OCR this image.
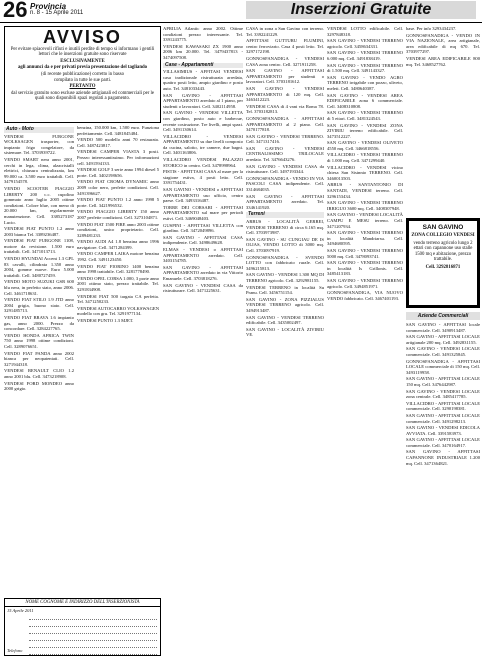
26 Provincia
n. 8 - 15 Aprile 2011	Inserzioni Gratuite
AVVISO

Per evitare spiacevoli rifiuti e inutili perdite di tempo si informano i gentili lettori che le inserzioni gratuite sono riservate

ESCLUSIVAMENTE

agli annunci da e per privati previa presentazione del tagliando

(di recente pubblicazione) corretto in basso

compilato in tutte le sue parti.

PERTANTO

dal servizio gratuito sono escluse aziende artigianali ed commerciali per le quali sono disponibili spazi regolati a pagamento.

Auto - Moto

VENDESI FURGONE WOLKSAGEN trasporter, con impianto frigo congelatore, da sistemare. Tel. 3703939722.

VENDO SMART nera anno 2001, cerchi in lega, clima, alzacristalli elettrici, chiusura centralizzata, km 99.000 ca. 3.500 euro trattabili. Cell. 3479154578.

VENDO SCOOTER PIAGGIO LIBERTY 200 c.c. cupolino gommato anno luglio 2005 ottime condizioni. Colore blue, con meno di 20.000 km, regolarmente manutenzione. Cell. 3385273187 Lucio.

VENDESI FIAT PUNTO 1.2 anno 2003 bianca Tel. 3389236487.

VENDESI FIAT FURGONE 1108, motore da revisione. 1.500 euro trattabili. Cell. 3471013713.

VENDO HYUNDAI Accent 1.3 GPL 83 cavalli, cilindrata 1.350 anno 2004, gomme nuove. Euro 5.000 trattabili. Cell. 3480727459.

VENDO MOTO SUZUKI GSR 600 blu nera, in perfetto stato, anno 2006. Cell. 3461718631.

VENDO FIAT STILO 1.9 JTD anno 2004 grigia, buono stato. Cell. 3291485713.

VENDO FIAT BRAVA 1.6 impianto gas, anno 2000. Prezzo da concordare. Cell. 3284227765.

VENDO HONDA AFRICA TWIN 750 anno 1998 ottime condizioni. Cell. 3289076651.

VENDO FIAT PANDA anno 2002 bianca per neopatentati. Cell. 3271944318.

VENDESI RENAULT CLIO 1.2 anno 2001 blu. Cell. 3473218908.

VENDESI FORD MONDEO anno 2000 grigio.

benzina, 150.000 km, 1.500 euro. Funziona perfettamente. Cell. 3481845484.

VENDO 500 modello anni 70 restaurata. Cell. 3487423817.

VENDESI CAMPER VIASTA 3 posti. Prezzo interessantissimo. Per informazioni cell. 3491594133.

VENDESI GOLF 3 serie anno 1994 diesel 5 porte. Cell. 3402198656.

VENDO FIAT CROMA DYNAMIC anno 2009 color nero, perfette condizioni. Cell. 3491396627.

VENDO FIAT PUNTO 1.2 anno 1998 5 porte. Cell. 3421996532.

VENDO PIAGGIO LIBERTY 150 anno 2007 perfette condizioni. Cell. 3273104871.

VENDO FIAT 1500 FIRE anno 2003 ottime condizioni, unico proprietario. Cell. 3289481233.

VENDO AUDI A4 1.8 benzina anno 1996 navigatore. Cell. 3471284399.

VENDO CAMPER LAIKA motore benzina 1992. Cell. 3491123450.

VENDO FIAT FIORINO 1400 benzina anno 1998 trattabile. Cell. 3281778490.

VENDO OPEL CORSA 1.000, 3 porte anno 2001 ottimo stato, prezzo trattabile. Tel. 3291834908.

VENDESI FIAT 500 targata CA perfetta. Tel. 3471250233.

VENDESI AUTOCARRO VOLKSWAGEN modello con gru. Tel. 3291977134.

VENDESI PUNTO 1.3 MJET.

APRILIA Atlantic anno 2002. Ottime condizioni prezzo interessante. Tel. 3391243775.

VENDESI KAWASAKI ZX 1900 anno 2006 km 20.000. Tel. 3479437813 - 3474097508.

Case - Appartamenti

VILLASIMIUS - AFFITASI VENDESI casa tradizionale ristrutturata arredata, quattro posti letto, ampio giardino e posto auto. Tel. 3481033443.

SAN GAVINO - AFFITTASI APPARTAMENTO arredato al 1 piano, per studenti o lavoratori. Cell. 3402114958.

SAN GAVINO - VENDESI VILLETTA con giardino, posto auto e barbecue, recente costruzione. Tre livelli, ampi spazi. Cell. 3491130614.

VILLACIDRO - VENDESI APPARTAMENTO su due livelli composto da cucina, salotto, tre camere, due bagni. Cell. 3401163806.

VILLACIDRO VENDESI PALAZZO STORICO in centro. Cell. 3478998964.

PISTIS - AFFITTASI CASA al mare per la stagione estiva, 4 posti letto. Cell. 3391754431.

SAN GAVINO - VENDESI o AFFITTASI APPARTAMENTO uso ufficio, centro paese. Cell. 3493316487.

TORRE DEI CORSARI - AFFITTASI APPARTAMENTO sul mare per periodi estivi. Cell. 3469048403.

GUSPINI - AFFITTASI VILLETTA con giardino. Cell. 3472049896.

SAN GAVINO - AFFITTASI CASA indipendente. Cell. 3498649628.

ELMAS - VENDESI o AFFITTASI APPARTAMENTO arredato. Cell. 3403154785.

SAN GAVINO - AFFITTASI APPARTAMENTO arredato in via Vittorio Emanuele. Cell. 3703818276.

SAN GAVINO - VENDESI CASA da ristrutturare. Cell. 3471225631.

CASA in zona a San Gavino con terreno. Tel. 3392241229.

AFFITTASI GUTTURU FLUMINI, centro ferroviario. Casa 4 posti letto. Tel. 3297172198.

GONNOSFANADIGA - VENDESI CASA zona centro. Cell. 3271911258.

SAN GAVINO - AFFITTASI APPARTAMENTO per studenti o lavoratori. Cell. 3703181612.

SAN GAVINO - VENDESI APPARTAMENTO di 120 mq. Cell. 3463412223.

VENDESI CASA di 4 vani via Roma 78. Tel. 3703182813.

GONNOSFANADIGA - AFFITTASI APPARTAMENTO al 2 piano. Cell. 3470177818.

SAN GAVINO - VENDESI TERRENO. Cell. 3471317416.

SAN GAVINO - VENDESI CENTRALISSIMO TRILOCALE arredato. Tel. 3476643276.

SAN GAVINO - VENDESI CASA da ristrutturare. Cell. 3497193344.

GONNOSFANADIGA - VENDO IN VIA PASCOLI CASA indipendente. Cell. 3314684035.

SAN GAVINO - AFFITTASI APPARTAMENTO arredato. Tel. 3346141920.

Terreni

ARBUS - LOCALITÀ GERREI, VENDESI TERRENO di circa 6.165 mq. Cell. 3703973987.

SAN GAVINO - SU CUNGIAU DE IS OLIAS, VENDO LOTTO di 3000 mq. Cell. 3703097919.

GONNOSFANADIGA - SVENDO LOTTO con fabbricato rurale. Cell. 3496215813.

SAN GAVINO - VENDESI 1.300 MQ DI TERRENO agricolo. Cell. 3292981155.

VENDESI TERRENO in località Su Pranu. Cell. 3456751154.

SAN GAVINO - ZONA PIZZIALUS VENDESI TERRENO agricolo. Cell. 3494913487.

SAN GAVINO - VENDESI TERRENO edificabile. Cell. 3435002497.

SAN GAVINO - LOCALITÀ ZIVIRIU VE.

VENDESI LOTTO edificabile. Cell. 3297848318.

SAN GAVINO - VENDESI TERRENO agricolo. Cell. 3458634331.

SAN GAVINO - VENDESI TERRENO 6.000 mq. Cell. 3491838419.

SAN GAVINO - VENDESI TERRENO di 1.500 mq. Cell. 3491143327.

SAN GAVINO - VENDO AGRO TERRENO irrigabile con pozzo, uliveto, meleti. Cell. 3480640387.

SAN GAVINO - VENDESI AREA EDIFICABILE zona 6 commerciale. Cell. 3408310808.

SAN GAVINO - VENDESI TERRENO di 5 ettari. Cell. 3481324543.

SAN GAVINO - VENDESI ZONA ZIVIRIU terreno edificabile. Cell. 3473512227.

SAN GAVINO - VENDESI OLIVETO 4550 mq. Cell. 3466818556.

VILLACIDRO - VENDESI TERRENO di 1.000 mq. Cell. 3471299440.

VILLACIDRO - VENDESI vicino chiesa San Sisinnio TERRENO. Cell. 3460013503.

ARBUS - SANTANTONIO DI SANTADI, VENDESI terreno. Cell. 3296153434.

SAN GAVINO - VENDESI TERRENO IRRIGUO 3600 mq. Cell. 3408307948.

SAN GAVINO - VENDESI LOCALITÀ CAMPU E MESU terreno. Cell. 3471207934.

SAN GAVINO - VENDESI TERRENO in località Mandriarsu. Cell. 3494680595.

SAN GAVINO - VENDESI TERRENO 5000 mq. Cell. 3478093741.

SAN GAVINO - VENDESI TERRENO in località Is Grillonis. Cell. 3485413183.

SAN GAVINO - VENDESI TERRENO agricolo. Cell. 3494851971.

GONNOSFANADIGA, VIA NUOVO VENDO fabbricato. Cell. 3467401193.

base. Per info 3293434237.

GONNOSFANADIGA - VENDO IN VIA NAZIONALE, area artigianale, area edificabile di mq 670. Tel. 3703977297.

VENDESI AREA EDIFICABILE 800 mq. Tel. 3468527762.

SAN GAVINO

ZONA COLLEGIO VENDESI

vendo terreno agricolo lungo 2 ettari con capannone uso stalle 1500 mq e abitazione, prezzo trattabile.

Cell. 3292816871

Aziende Commerciali

SAN GAVINO - AFFITTASI locale commerciale. Cell. 3490913487.

SAN GAVINO - AFFITTASI LOCALE artigianale 200 mq. Cell. 3492831155.

SAN GAVINO - VENDESI LOCALE commerciale. Cell. 3491325845.

GONNOSFANADIGA - AFFITTASI LOCALE commerciale di 150 mq. Cell. 3493119958.

SAN GAVINO - AFFITTASI LOCALE 150 mq. Cell. 3476442987.

SAN GAVINO - VENDESI LOCALE zona centrale. Cell. 3485417785.

VILLACIDRO - AFFITTASI LOCALE commerciale. Cell. 3290198381.

SAN GAVINO - AFFITTASI LOCALE commerciale. Cell. 3491298213.

SAN GAVINO - VENDESI EDICOLA AVVIATA. Cell. 3391583973.

SAN GAVINO - AFFITTASI LOCALE commerciale. Cell. 3470164917.

SAN GAVINO - AFFITTASI CAPANNONE INDUSTRIALE 1.200 mq. Cell. 3471364821.

NOME COGNOME E INDIRIZZO DELL'INSERZIONISTA
15 Aprile 2011
Telefono
